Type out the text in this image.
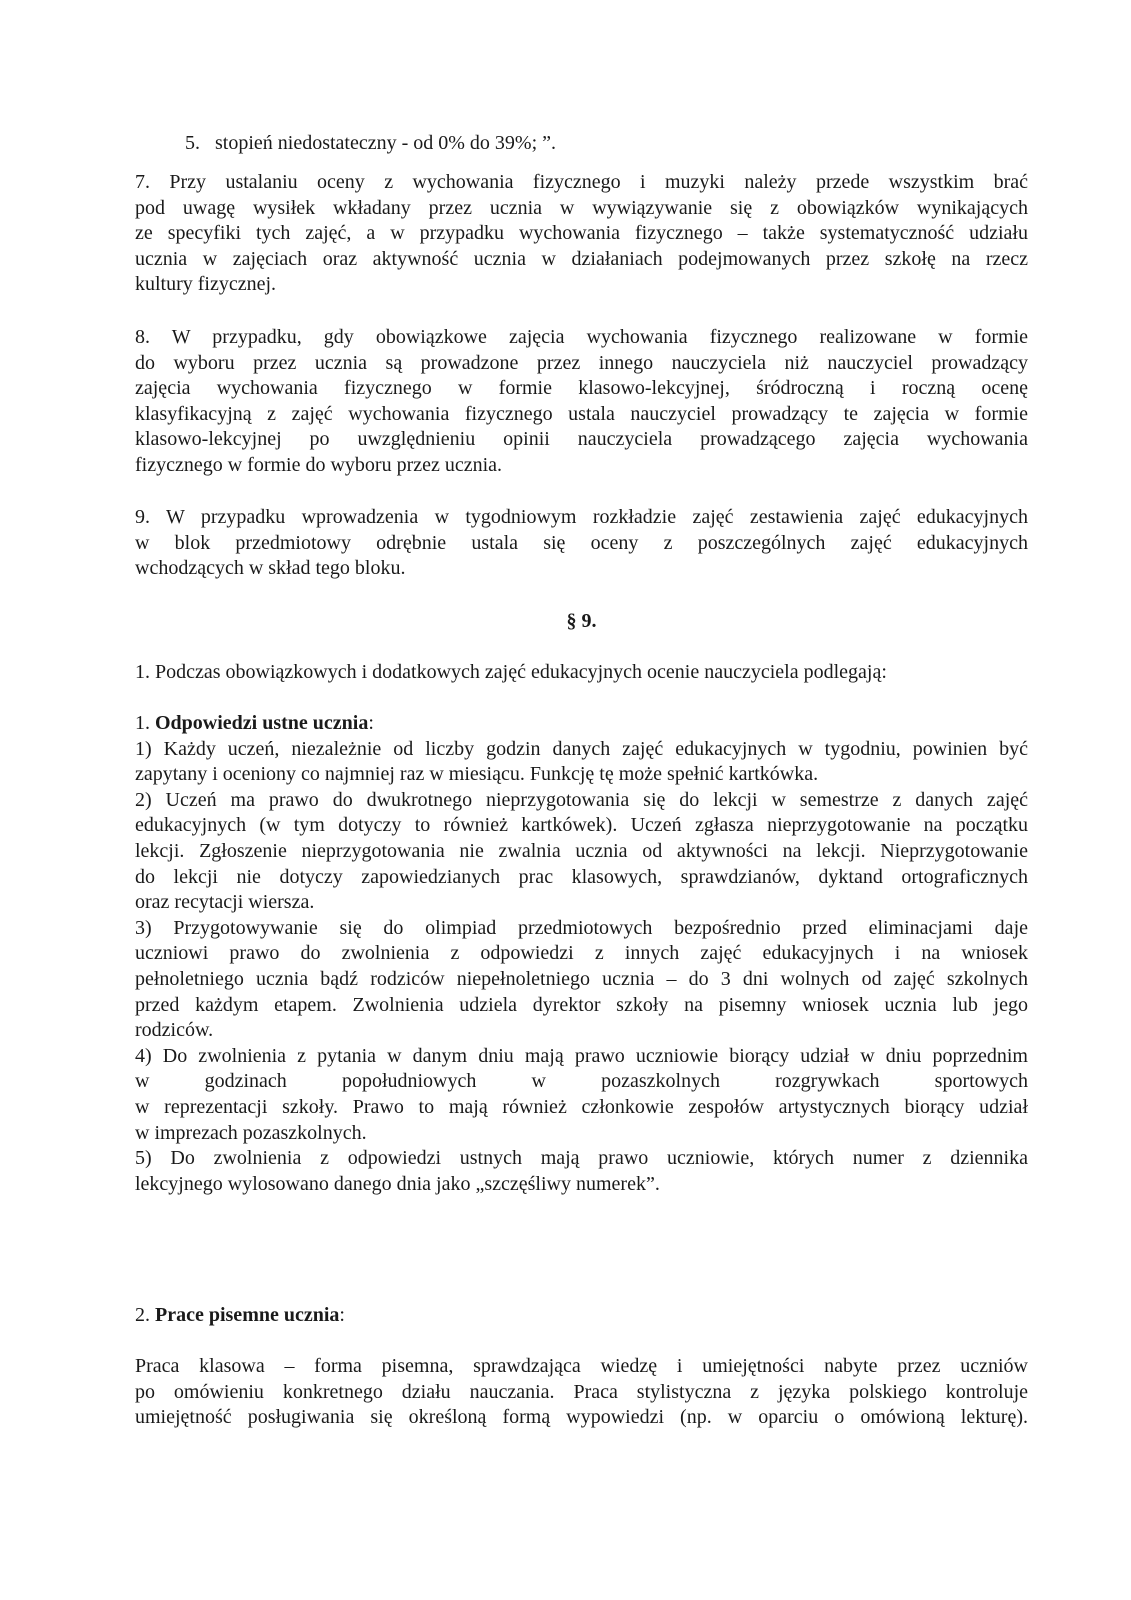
5.   stopień niedostateczny - od 0% do 39%; ”.
7. Przy ustalaniu oceny z wychowania fizycznego i muzyki należy przede wszystkim brać
pod uwagę wysiłek wkładany przez ucznia w wywiązywanie się z obowiązków wynikających
ze specyfiki tych zajęć, a w przypadku wychowania fizycznego – także systematyczność udziału
ucznia w zajęciach oraz aktywność ucznia w działaniach podejmowanych przez szkołę na rzecz
kultury fizycznej.
8. W przypadku, gdy obowiązkowe zajęcia wychowania fizycznego realizowane w formie
do wyboru przez ucznia są prowadzone przez innego nauczyciela niż nauczyciel prowadzący
zajęcia wychowania fizycznego w formie klasowo-lekcyjnej, śródroczną i roczną ocenę
klasyfikacyjną z zajęć wychowania fizycznego ustala nauczyciel prowadzący te zajęcia w formie
klasowo-lekcyjnej po uwzględnieniu opinii nauczyciela prowadzącego zajęcia wychowania
fizycznego w formie do wyboru przez ucznia.
9. W przypadku wprowadzenia w tygodniowym rozkładzie zajęć zestawienia zajęć edukacyjnych
w blok przedmiotowy odrębnie ustala się oceny z poszczególnych zajęć edukacyjnych
wchodzących w skład tego bloku.
§ 9.
1. Podczas obowiązkowych i dodatkowych zajęć edukacyjnych ocenie nauczyciela podlegają:
1. Odpowiedzi ustne ucznia:
1) Każdy uczeń, niezależnie od liczby godzin danych zajęć edukacyjnych w tygodniu, powinien być
zapytany i oceniony co najmniej raz w miesiącu. Funkcję tę może spełnić kartkówka.
2) Uczeń ma prawo do dwukrotnego nieprzygotowania się do lekcji w semestrze z danych zajęć
edukacyjnych (w tym dotyczy to również kartkówek). Uczeń zgłasza nieprzygotowanie na początku
lekcji. Zgłoszenie nieprzygotowania nie zwalnia ucznia od aktywności na lekcji. Nieprzygotowanie
do lekcji nie dotyczy zapowiedzianych prac klasowych, sprawdzianów, dyktand ortograficznych
oraz recytacji wiersza.
3) Przygotowywanie się do olimpiad przedmiotowych bezpośrednio przed eliminacjami daje
uczniowi prawo do zwolnienia z odpowiedzi z innych zajęć edukacyjnych i na wniosek
pełnoletniego ucznia bądź rodziców niepełnoletniego ucznia – do 3 dni wolnych od zajęć szkolnych
przed każdym etapem. Zwolnienia udziela dyrektor szkoły na pisemny wniosek ucznia lub jego
rodziców.
4) Do zwolnienia z pytania w danym dniu mają prawo uczniowie biorący udział w dniu poprzednim
w godzinach popołudniowych w pozaszkolnych rozgrywkach sportowych
w reprezentacji szkoły. Prawo to mają również członkowie zespołów artystycznych biorący udział
w imprezach pozaszkolnych.
5) Do zwolnienia z odpowiedzi ustnych mają prawo uczniowie, których numer z dziennika
lekcyjnego wylosowano danego dnia jako „szczęśliwy numerek”.
2. Prace pisemne ucznia:
Praca klasowa – forma pisemna, sprawdzająca wiedzę i umiejętności nabyte przez uczniów
po omówieniu konkretnego działu nauczania. Praca stylistyczna z języka polskiego kontroluje
umiejętność posługiwania się określoną formą wypowiedzi (np. w oparciu o omówioną lekturę).
